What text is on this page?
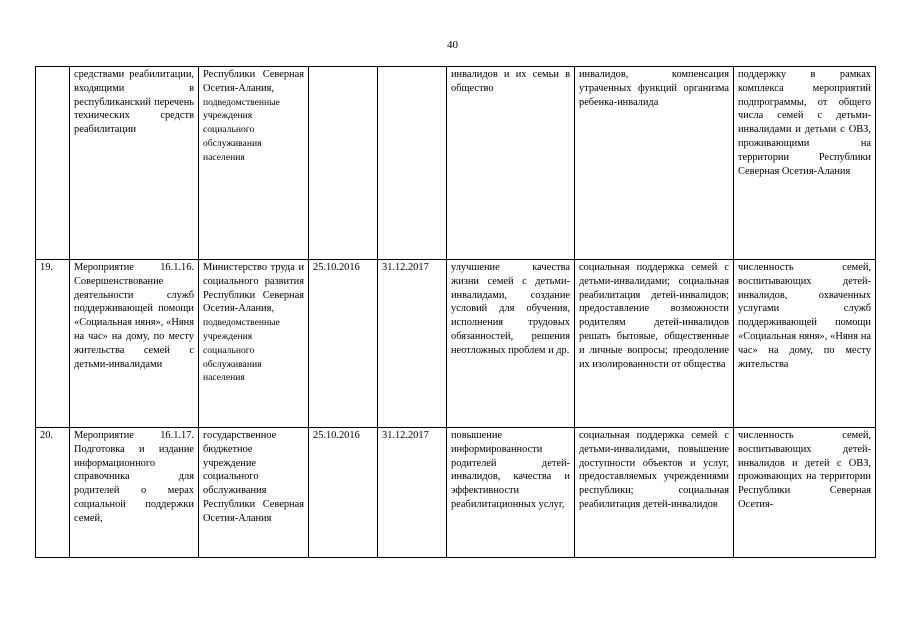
40
	средствами реабилитации, входящими в республиканский перечень технических средств реабилитации	Республики Северная Осетия-Алания, подведомственные учреждения социального обслуживания населения			инвалидов и их семьи в общество	инвалидов, компенсация утраченных функций организма ребенка-инвалида	поддержку в рамках комплекса мероприятий подпрограммы, от общего числа семей с детьми-инвалидами и детьми с ОВЗ, проживающими на территории Республики Северная Осетия-Алания
19.	Мероприятие 16.1.16. Совершенствование деятельности служб поддерживающей помощи «Социальная няня», «Няня на час» на дому, по месту жительства семей с детьми-инвалидами	Министерство труда и социального развития Республики Северная Осетия-Алания, подведомственные учреждения социального обслуживания населения	25.10.2016	31.12.2017	улучшение качества жизни семей с детьми-инвалидами, создание условий для обучения, исполнения трудовых обязанностей, решения неотложных проблем и др.	социальная поддержка семей с детьми-инвалидами; социальная реабилитация детей-инвалидов; предоставление возможности родителям детей-инвалидов решать бытовые, общественные и личные вопросы; преодоление их изолированности от общества	численность семей, воспитывающих детей-инвалидов, охваченных услугами служб поддерживающей помощи «Социальная няня», «Няня на час» на дому, по месту жительства
20.	Мероприятие 16.1.17. Подготовка и издание информационного справочника для родителей о мерах социальной поддержки семей,	государственное бюджетное учреждение социального обслуживания Республики Северная Осетия-Алания	25.10.2016	31.12.2017	повышение информированности родителей детей-инвалидов, качества и эффективности реабилитационных услуг,	социальная поддержка семей с детьми-инвалидами, повышение доступности объектов и услуг, предоставляемых учреждениями республики; социальная реабилитация детей-инвалидов	численность семей, воспитывающих детей-инвалидов и детей с ОВЗ, проживающих на территории Республики Северная Осетия-
